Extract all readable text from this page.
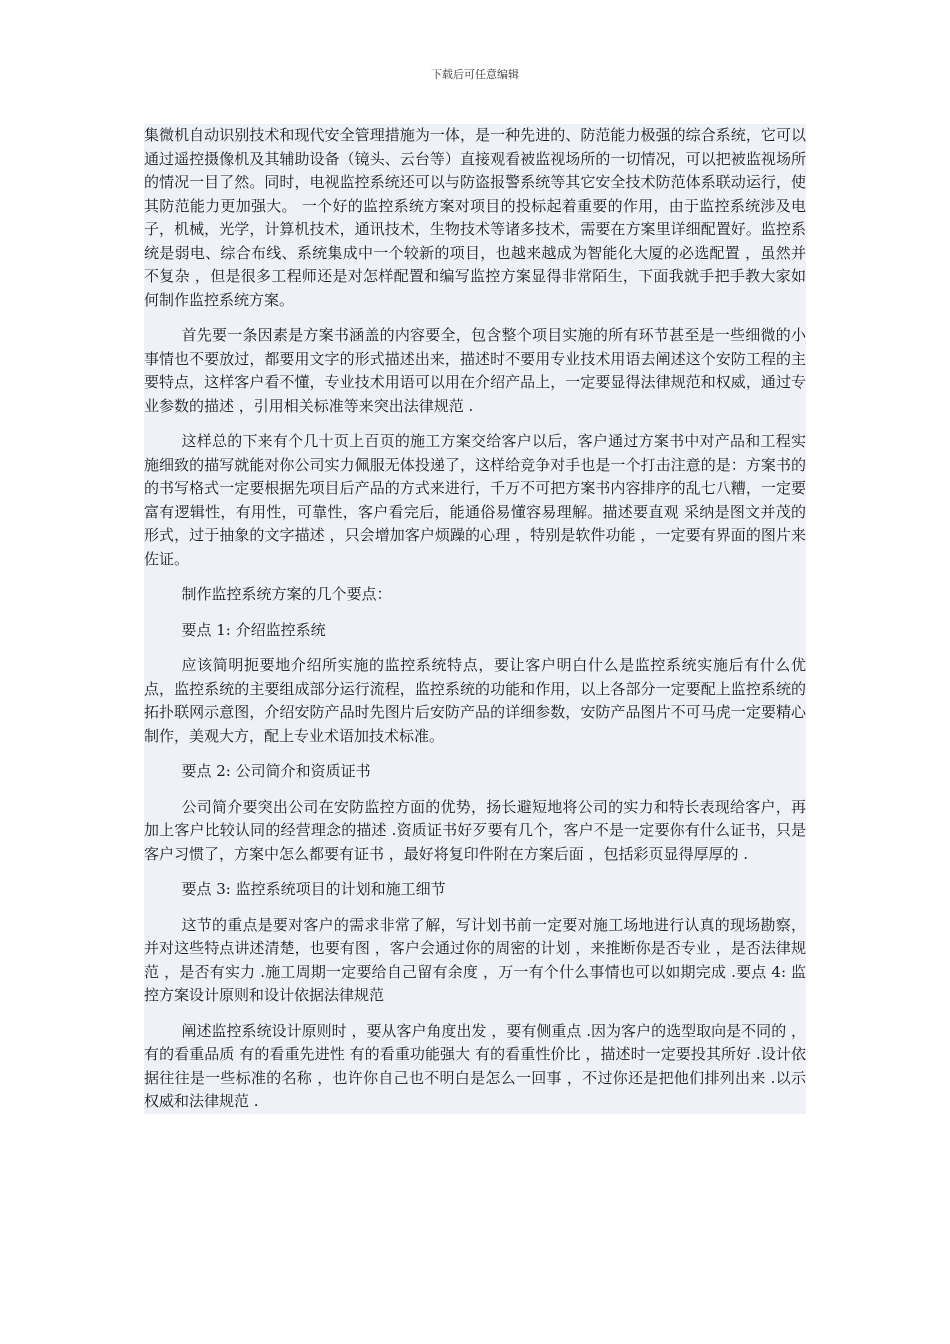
下载后可任意编辑

集微机自动识别技术和现代安全管理措施为一体，是一种先进的、防范能力极强的综合系统，它可以通过遥控摄像机及其辅助设备（镜头、云台等）直接观看被监视场所的一切情况，可以把被监视场所的情况一目了然。同时，电视监控系统还可以与防盗报警系统等其它安全技术防范体系联动运行，使其防范能力更加强大。 一个好的监控系统方案对项目的投标起着重要的作用，由于监控系统涉及电子，机械，光学，计算机技术，通讯技术，生物技术等诸多技术，需要在方案里详细配置好。监控系统是弱电、综合布线、系统集成中一个较新的项目，也越来越成为智能化大厦的必选配置 ，虽然并不复杂 ，但是很多工程师还是对怎样配置和编写监控方案显得非常陌生，下面我就手把手教大家如何制作监控系统方案。

首先要一条因素是方案书涵盖的内容要全，包含整个项目实施的所有环节甚至是一些细微的小事情也不要放过，都要用文字的形式描述出来，描述时不要用专业技术用语去阐述这个安防工程的主要特点，这样客户看不懂，专业技术用语可以用在介绍产品上，一定要显得法律规范和权威，通过专业参数的描述 ，引用相关标准等来突出法律规范 .

这样总的下来有个几十页上百页的施工方案交给客户以后，客户通过方案书中对产品和工程实施细致的描写就能对你公司实力佩服无体投递了，这样给竞争对手也是一个打击注意的是：方案书的的书写格式一定要根据先项目后产品的方式来进行，千万不可把方案书内容排序的乱七八糟，一定要富有逻辑性，有用性，可靠性，客户看完后，能通俗易懂容易理解。描述要直观 采纳是图文并茂的形式，过于抽象的文字描述 ，只会增加客户烦躁的心理 ，特别是软件功能 ，一定要有界面的图片来佐证。

制作监控系统方案的几个要点：

要点 1: 介绍监控系统

应该简明扼要地介绍所实施的监控系统特点，要让客户明白什么是监控系统实施后有什么优点，监控系统的主要组成部分运行流程，监控系统的功能和作用，以上各部分一定要配上监控系统的拓扑联网示意图，介绍安防产品时先图片后安防产品的详细参数，安防产品图片不可马虎一定要精心制作，美观大方，配上专业术语加技术标准。

要点 2: 公司简介和资质证书

公司简介要突出公司在安防监控方面的优势，扬长避短地将公司的实力和特长表现给客户，再加上客户比较认同的经营理念的描述 .资质证书好歹要有几个，客户不是一定要你有什么证书，只是客户习惯了，方案中怎么都要有证书 ，最好将复印件附在方案后面 ，包括彩页显得厚厚的 .

要点 3: 监控系统项目的计划和施工细节

这节的重点是要对客户的需求非常了解，写计划书前一定要对施工场地进行认真的现场勘察，并对这些特点讲述清楚，也要有图 ，客户会通过你的周密的计划 ，来推断你是否专业 ，是否法律规范 ，是否有实力 .施工周期一定要给自己留有余度 ，万一有个什么事情也可以如期完成 .要点 4: 监控方案设计原则和设计依据法律规范

阐述监控系统设计原则时 ，要从客户角度出发 ，要有侧重点 .因为客户的选型取向是不同的 ，有的看重品质 有的看重先进性 有的看重功能强大 有的看重性价比 ，描述时一定要投其所好 .设计依据往往是一些标准的名称 ，也许你自己也不明白是怎么一回事 ，不过你还是把他们排列出来 .以示权威和法律规范 .
